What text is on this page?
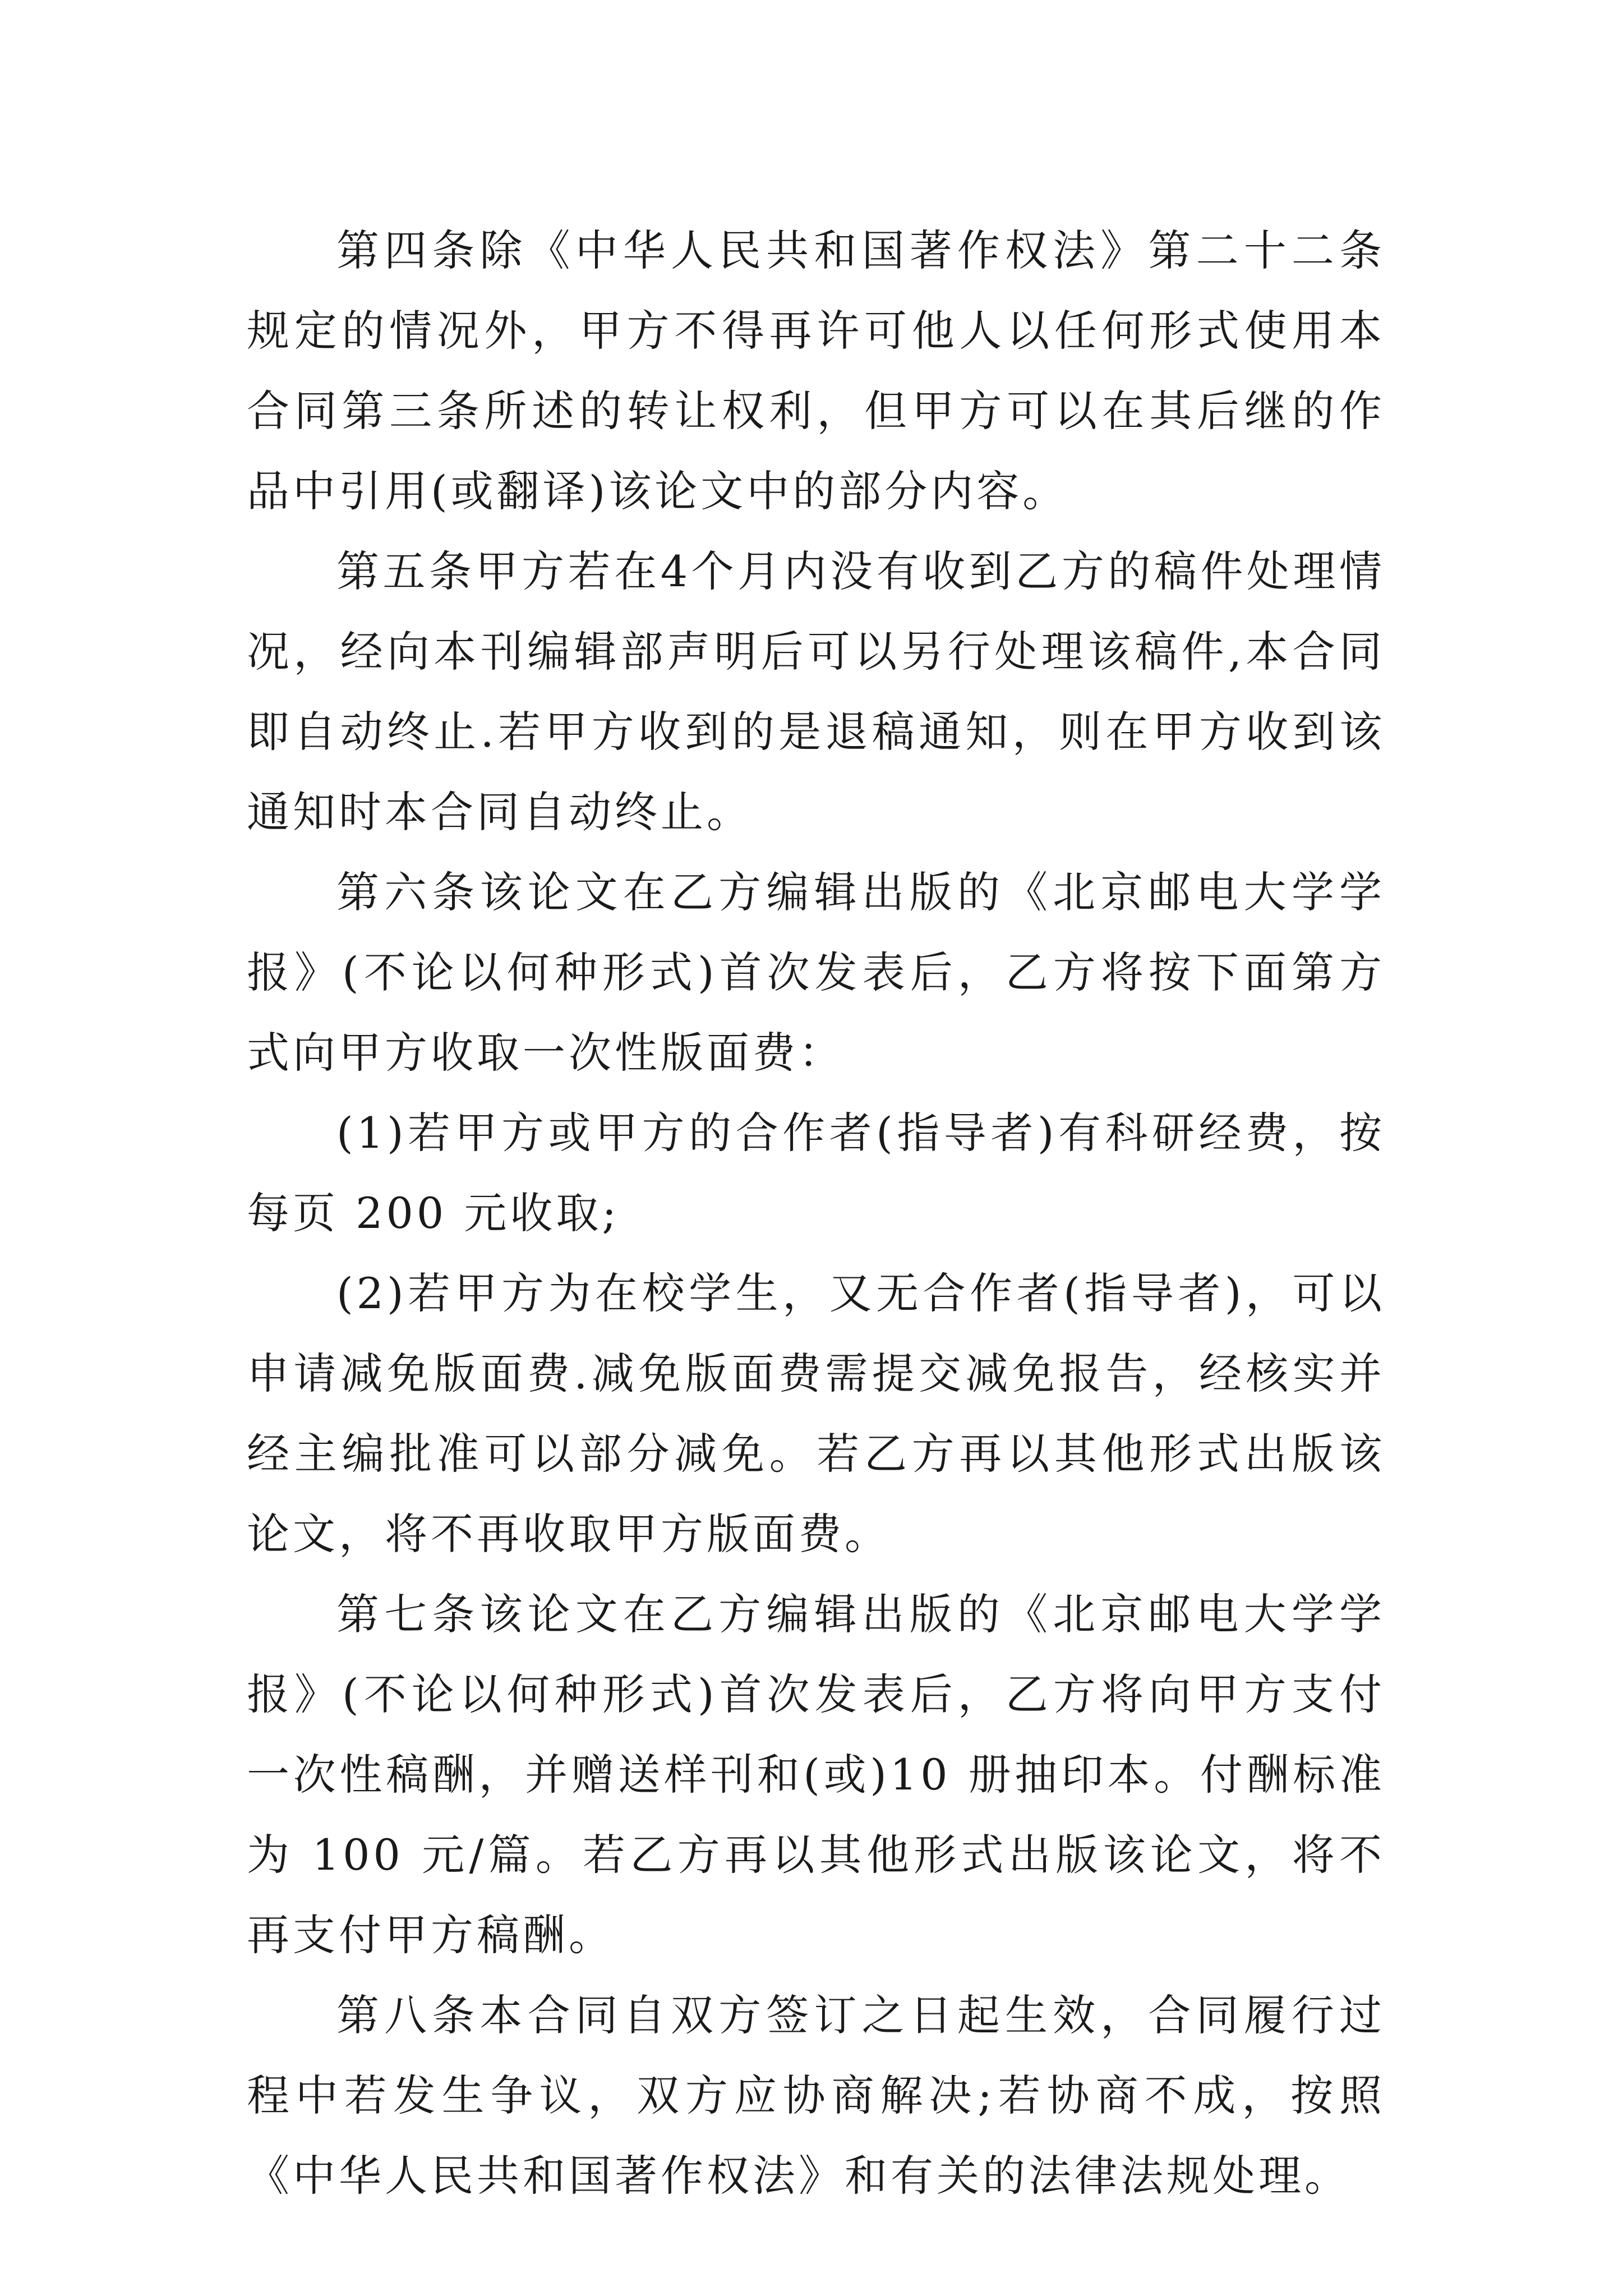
第四条除《中华人民共和国著作权法》第二十二条规定的情况外，甲方不得再许可他人以任何形式使用本合同第三条所述的转让权利，但甲方可以在其后继的作品中引用(或翻译)该论文中的部分内容。

第五条甲方若在4个月内没有收到乙方的稿件处理情况，经向本刊编辑部声明后可以另行处理该稿件,本合同即自动终止.若甲方收到的是退稿通知，则在甲方收到该通知时本合同自动终止。

第六条该论文在乙方编辑出版的《北京邮电大学学报》(不论以何种形式)首次发表后，乙方将按下面第方式向甲方收取一次性版面费：

(1)若甲方或甲方的合作者(指导者)有科研经费，按每页 200 元收取;

(2)若甲方为在校学生，又无合作者(指导者)，可以申请减免版面费.减免版面费需提交减免报告，经核实并经主编批准可以部分减免。若乙方再以其他形式出版该论文，将不再收取甲方版面费。

第七条该论文在乙方编辑出版的《北京邮电大学学报》(不论以何种形式)首次发表后，乙方将向甲方支付一次性稿酬，并赠送样刊和(或)10 册抽印本。付酬标准为 100 元/篇。若乙方再以其他形式出版该论文，将不再支付甲方稿酬。

第八条本合同自双方签订之日起生效，合同履行过程中若发生争议，双方应协商解决;若协商不成，按照《中华人民共和国著作权法》和有关的法律法规处理。
